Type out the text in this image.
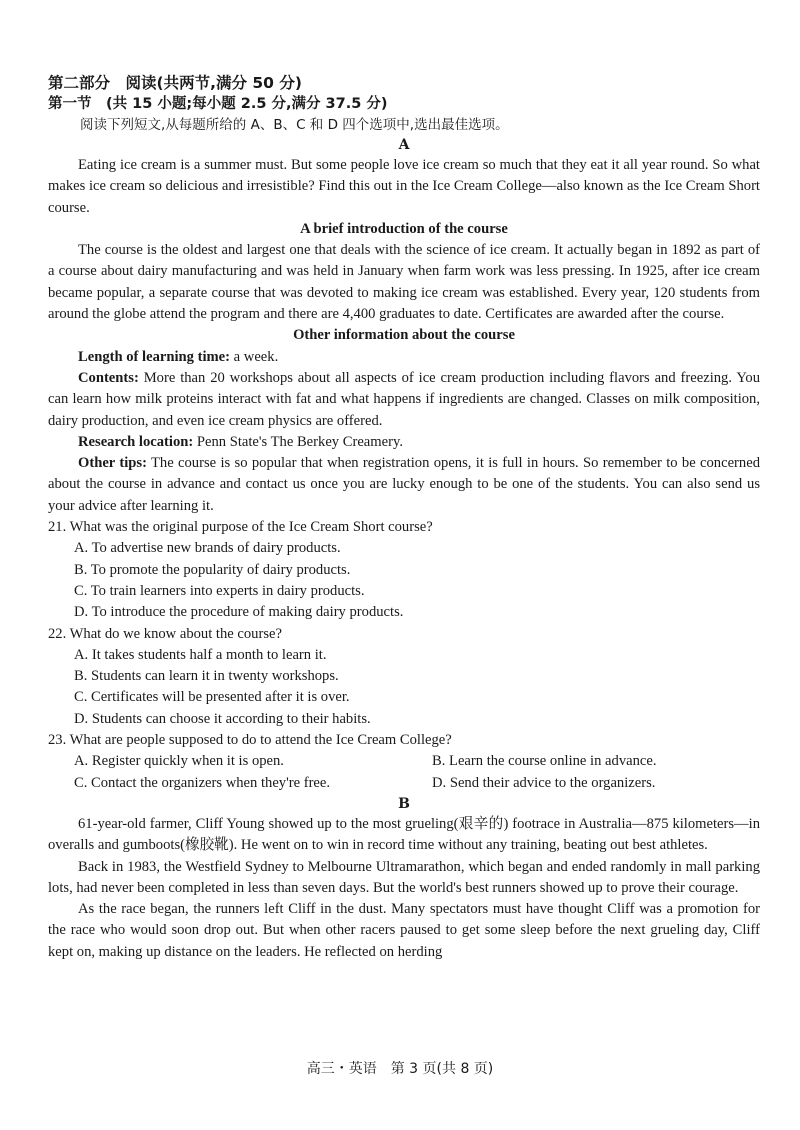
第二部分　阅读(共两节,满分 50 分)

第一节　(共 15 小题;每小题 2.5 分,满分 37.5 分)

阅读下列短文,从每题所给的 A、B、C 和 D 四个选项中,选出最佳选项。

A

Eating ice cream is a summer must. But some people love ice cream so much that they eat it all year round. So what makes ice cream so delicious and irresistible? Find this out in the Ice Cream College—also known as the Ice Cream Short course.

A brief introduction of the course

The course is the oldest and largest one that deals with the science of ice cream. It actually began in 1892 as part of a course about dairy manufacturing and was held in January when farm work was less pressing. In 1925, after ice cream became popular, a separate course that was devoted to making ice cream was established. Every year, 120 students from around the globe attend the program and there are 4,400 graduates to date. Certificates are awarded after the course.

Other information about the course

Length of learning time: a week.

Contents: More than 20 workshops about all aspects of ice cream production including flavors and freezing. You can learn how milk proteins interact with fat and what happens if ingredients are changed. Classes on milk composition, dairy production, and even ice cream physics are offered.

Research location: Penn State's The Berkey Creamery.

Other tips: The course is so popular that when registration opens, it is full in hours. So remember to be concerned about the course in advance and contact us once you are lucky enough to be one of the students. You can also send us your advice after learning it.

21. What was the original purpose of the Ice Cream Short course?

A. To advertise new brands of dairy products.

B. To promote the popularity of dairy products.

C. To train learners into experts in dairy products.

D. To introduce the procedure of making dairy products.

22. What do we know about the course?

A. It takes students half a month to learn it.

B. Students can learn it in twenty workshops.

C. Certificates will be presented after it is over.

D. Students can choose it according to their habits.

23. What are people supposed to do to attend the Ice Cream College?

A. Register quickly when it is open.	B. Learn the course online in advance.

C. Contact the organizers when they're free.	D. Send their advice to the organizers.

B

61-year-old farmer, Cliff Young showed up to the most grueling(艰辛的) footrace in Australia—875 kilometers—in overalls and gumboots(橡胶靴). He went on to win in record time without any training, beating out best athletes.

Back in 1983, the Westfield Sydney to Melbourne Ultramarathon, which began and ended randomly in mall parking lots, had never been completed in less than seven days. But the world's best runners showed up to prove their courage.

As the race began, the runners left Cliff in the dust. Many spectators must have thought Cliff was a promotion for the race who would soon drop out. But when other racers paused to get some sleep before the next grueling day, Cliff kept on, making up distance on the leaders. He reflected on herding

高三・英语　第 3 页(共 8 页)
